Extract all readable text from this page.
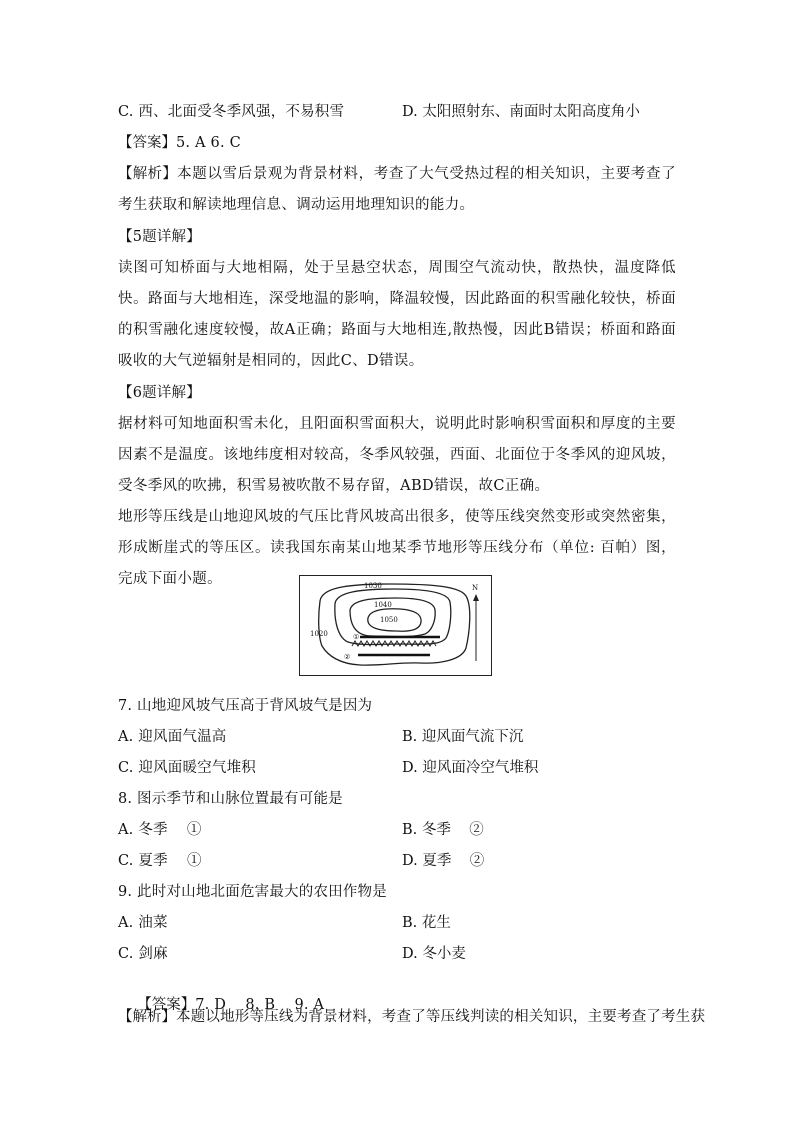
C. 西、北面受冬季风强，不易积雪	D. 太阳照射东、南面时太阳高度角小
【答案】5. A 6. C
【解析】本题以雪后景观为背景材料，考查了大气受热过程的相关知识，主要考查了考生获取和解读地理信息、调动运用地理知识的能力。
【5题详解】
读图可知桥面与大地相隔，处于呈悬空状态，周围空气流动快，散热快，温度降低快。路面与大地相连，深受地温的影响，降温较慢，因此路面的积雪融化较快，桥面的积雪融化速度较慢，故A正确；路面与大地相连,散热慢，因此B错误；桥面和路面吸收的大气逆辐射是相同的，因此C、D错误。
【6题详解】
据材料可知地面积雪未化，且阳面积雪面积大，说明此时影响积雪面积和厚度的主要因素不是温度。该地纬度相对较高，冬季风较强，西面、北面位于冬季风的迎风坡，受冬季风的吹拂，积雪易被吹散不易存留，ABD错误，故C正确。
地形等压线是山地迎风坡的气压比背风坡高出很多，使等压线突然变形或突然密集，形成断崖式的等压区。读我国东南某山地某季节地形等压线分布（单位: 百帕）图，完成下面小题。	1030
1040
1050
1020
N
①
②
7. 山地迎风坡气压高于背风坡气是因为
A. 迎风面气温高	B. 迎风面气流下沉
C. 迎风面暖空气堆积	D. 迎风面冷空气堆积
8. 图示季节和山脉位置最有可能是
A. 冬季    ①	B. 冬季    ②
C. 夏季    ①	D. 夏季    ②
9. 此时对山地北面危害最大的农田作物是
A. 油菜	B. 花生
C. 剑麻	D. 冬小麦

【答案】7. D    8. B    9. A

【解析】本题以地形等压线为背景材料，考查了等压线判读的相关知识，主要考查了考生获
